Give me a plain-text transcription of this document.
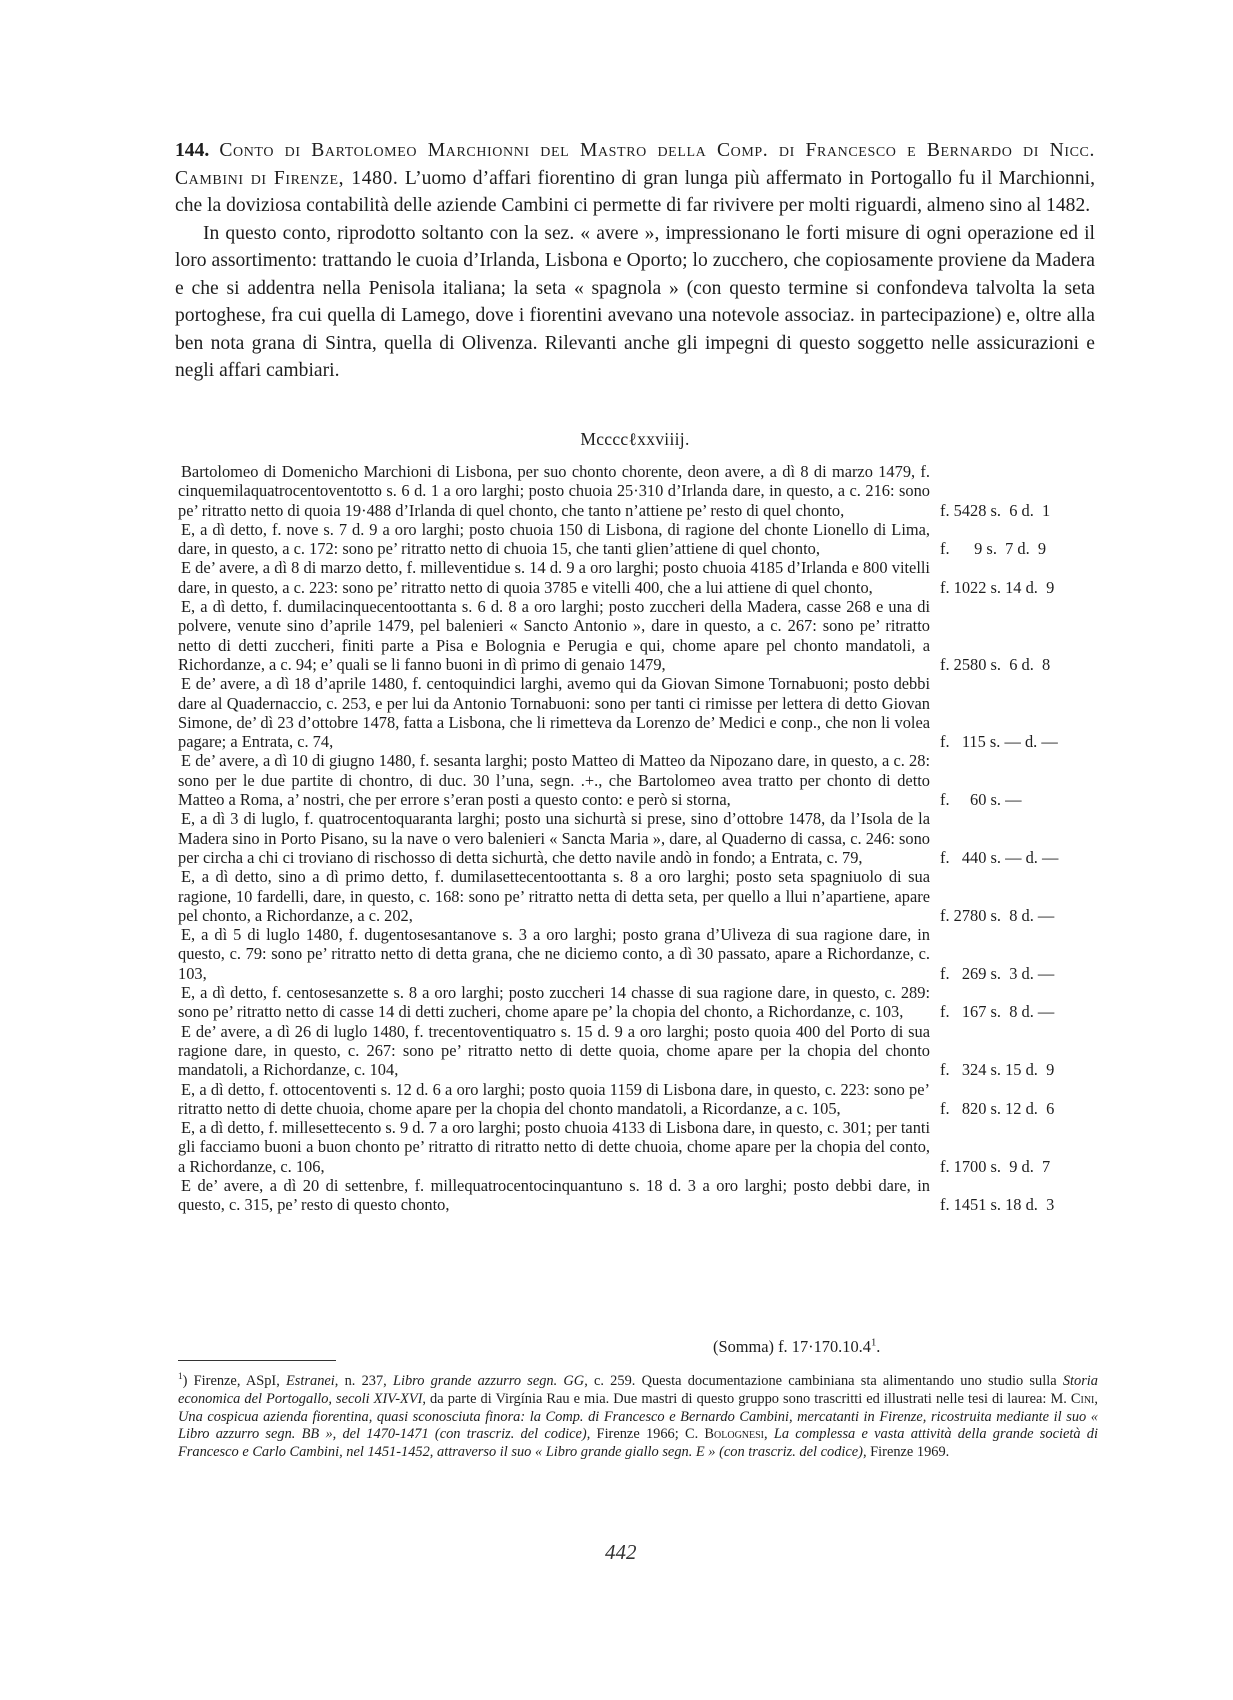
144. Conto di Bartolomeo Marchionni del Mastro della Comp. di Francesco e Bernardo di Nicc. Cambini di Firenze, 1480. L’uomo d’affari fiorentino di gran lunga più affermato in Portogallo fu il Marchionni, che la doviziosa contabilità delle aziende Cambini ci permette di far rivivere per molti riguardi, almeno sino al 1482.

In questo conto, riprodotto soltanto con la sez. « avere », impressionano le forti misure di ogni operazione ed il loro assortimento: trattando le cuoia d’Irlanda, Lisbona e Oporto; lo zucchero, che copiosamente proviene da Madera e che si addentra nella Penisola italiana; la seta « spagnola » (con questo termine si confondeva talvolta la seta portoghese, fra cui quella di Lamego, dove i fiorentini avevano una notevole associaz. in partecipazione) e, oltre alla ben nota grana di Sintra, quella di Olivenza. Rilevanti anche gli impegni di questo soggetto nelle assicurazioni e negli affari cambiari.

Mccccℓxxviiij.
Bartolomeo di Domenicho Marchioni di Lisbona, per suo chonto chorente, deon avere, a dì 8 di marzo 1479, f. cinquemilaquatrocentoventotto s. 6 d. 1 a oro larghi; posto chuoia 25·310 d’Irlanda dare, in questo, a c. 216: sono pe’ ritratto netto di quoia 19·488 d’Irlanda di quel chonto, che tanto n’attiene pe’ resto di quel chonto,	f. 5428 s.  6 d.  1
E, a dì detto, f. nove s. 7 d. 9 a oro larghi; posto chuoia 150 di Lisbona, di ragione del chonte Lionello di Lima, dare, in questo, a c. 172: sono pe’ ritratto netto di chuoia 15, che tanti glien’attiene di quel chonto,	f.      9 s.  7 d.  9
E de’ avere, a dì 8 di marzo detto, f. milleventidue s. 14 d. 9 a oro larghi; posto chuoia 4185 d’Irlanda e 800 vitelli dare, in questo, a c. 223: sono pe’ ritratto netto di quoia 3785 e vitelli 400, che a lui attiene di quel chonto,	f. 1022 s. 14 d.  9
E, a dì detto, f. dumilacinquecentoottanta s. 6 d. 8 a oro larghi; posto zuccheri della Madera, casse 268 e una di polvere, venute sino d’aprile 1479, pel balenieri « Sancto Antonio », dare in questo, a c. 267: sono pe’ ritratto netto di detti zuccheri, finiti parte a Pisa e Bolognia e Perugia e qui, chome apare pel chonto mandatoli, a Richordanze, a c. 94; e’ quali se li fanno buoni in dì primo di genaio 1479,	f. 2580 s.  6 d.  8
E de’ avere, a dì 18 d’aprile 1480, f. centoquindici larghi, avemo qui da Giovan Simone Tornabuoni; posto debbi dare al Quadernaccio, c. 253, e per lui da Antonio Tornabuoni: sono per tanti ci rimisse per lettera di detto Giovan Simone, de’ dì 23 d’ottobre 1478, fatta a Lisbona, che li rimetteva da Lorenzo de’ Medici e conp., che non li volea pagare; a Entrata, c. 74,	f.   115 s. — d. —
E de’ avere, a dì 10 di giugno 1480, f. sesanta larghi; posto Matteo di Matteo da Nipozano dare, in questo, a c. 28: sono per le due partite di chontro, di duc. 30 l’una, segn. .+., che Bartolomeo avea tratto per chonto di detto Matteo a Roma, a’ nostri, che per errore s’eran posti a questo conto: e però si storna,	f.     60 s. —
E, a dì 3 di luglo, f. quatrocentoquaranta larghi; posto una sichurtà si prese, sino d’ottobre 1478, da l’Isola de la Madera sino in Porto Pisano, su la nave o vero balenieri « Sancta Maria », dare, al Quaderno di cassa, c. 246: sono per circha a chi ci troviano di rischosso di detta sichurtà, che detto navile andò in fondo; a Entrata, c. 79,	f.   440 s. — d. —
E, a dì detto, sino a dì primo detto, f. dumilasettecentoottanta s. 8 a oro larghi; posto seta spagniuolo di sua ragione, 10 fardelli, dare, in questo, c. 168: sono pe’ ritratto netta di detta seta, per quello a llui n’apartiene, apare pel chonto, a Richordanze, a c. 202,	f. 2780 s.  8 d. —
E, a dì 5 di luglo 1480, f. dugentosesantanove s. 3 a oro larghi; posto grana d’Uliveza di sua ragione dare, in questo, c. 79: sono pe’ ritratto netto di detta grana, che ne diciemo conto, a dì 30 passato, apare a Richordanze, c. 103,	f.   269 s.  3 d. —
E, a dì detto, f. centosesanzette s. 8 a oro larghi; posto zuccheri 14 chasse di sua ragione dare, in questo, c. 289: sono pe’ ritratto netto di casse 14 di detti zucheri, chome apare pe’ la chopia del chonto, a Richordanze, c. 103,	f.   167 s.  8 d. —
E de’ avere, a dì 26 di luglo 1480, f. trecentoventiquatro s. 15 d. 9 a oro larghi; posto quoia 400 del Porto di sua ragione dare, in questo, c. 267: sono pe’ ritratto netto di dette quoia, chome apare per la chopia del chonto mandatoli, a Richordanze, c. 104,	f.   324 s. 15 d.  9
E, a dì detto, f. ottocentoventi s. 12 d. 6 a oro larghi; posto quoia 1159 di Lisbona dare, in questo, c. 223: sono pe’ ritratto netto di dette chuoia, chome apare per la chopia del chonto mandatoli, a Ricordanze, a c. 105,	f.   820 s. 12 d.  6
E, a dì detto, f. millesettecento s. 9 d. 7 a oro larghi; posto chuoia 4133 di Lisbona dare, in questo, c. 301; per tanti gli facciamo buoni a buon chonto pe’ ritratto di ritratto netto di dette chuoia, chome apare per la chopia del conto, a Richordanze, c. 106,	f. 1700 s.  9 d.  7
E de’ avere, a dì 20 di settenbre, f. millequatrocentocinquantuno s. 18 d. 3 a oro larghi; posto debbi dare, in questo, c. 315, pe’ resto di questo chonto,	f. 1451 s. 18 d.  3
(Somma) f. $17\cdot 170.10.4^1$.
$^1$) Firenze, ASpI, Estranei, n. 237, Libro grande azzurro segn. GG, c. 259. Questa documentazione cambiniana sta alimentando uno studio sulla Storia economica del Portogallo, secoli XIV-XVI, da parte di Virgínia Rau e mia. Due mastri di questo gruppo sono trascritti ed illustrati nelle tesi di laurea: M. Cini, Una cospicua azienda fiorentina, quasi sconosciuta finora: la Comp. di Francesco e Bernardo Cambini, mercatanti in Firenze, ricostruita mediante il suo « Libro azzurro segn. BB », del 1470-1471 (con trascriz. del codice), Firenze 1966; C. Bolognesi, La complessa e vasta attività della grande società di Francesco e Carlo Cambini, nel 1451-1452, attraverso il suo « Libro grande giallo segn. E » (con trascriz. del codice), Firenze 1969.
442
